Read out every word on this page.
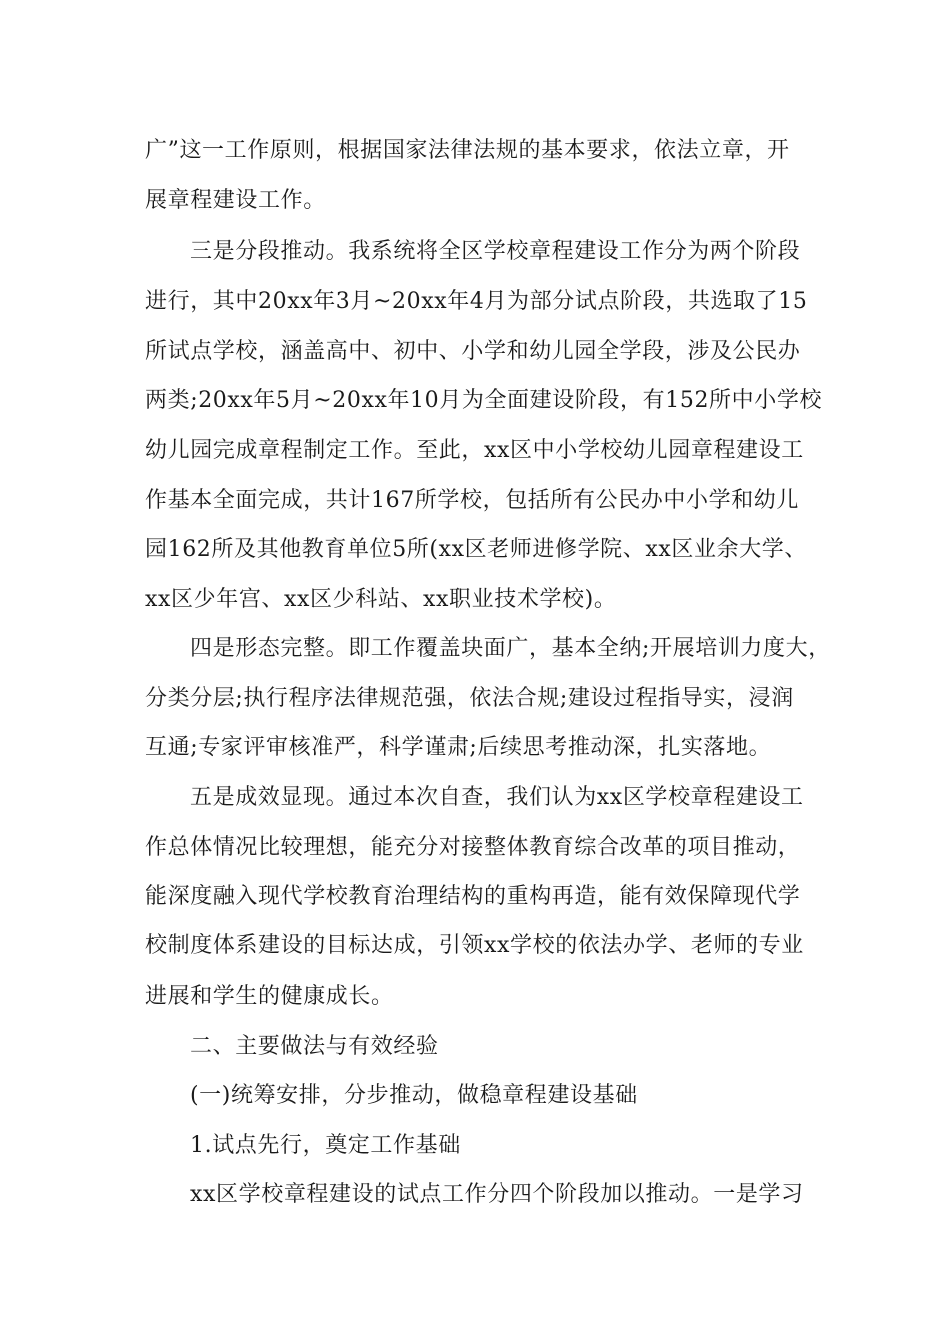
广”这一工作原则，根据国家法律法规的基本要求，依法立章，开
展章程建设工作。
三是分段推动。我系统将全区学校章程建设工作分为两个阶段
进行，其中20xx年3月~20xx年4月为部分试点阶段，共选取了15
所试点学校，涵盖高中、初中、小学和幼儿园全学段，涉及公民办
两类;20xx年5月~20xx年10月为全面建设阶段，有152所中小学校
幼儿园完成章程制定工作。至此，xx区中小学校幼儿园章程建设工
作基本全面完成，共计167所学校，包括所有公民办中小学和幼儿
园162所及其他教育单位5所(xx区老师进修学院、xx区业余大学、
xx区少年宫、xx区少科站、xx职业技术学校)。
四是形态完整。即工作覆盖块面广，基本全纳;开展培训力度大，
分类分层;执行程序法律规范强，依法合规;建设过程指导实，浸润
互通;专家评审核准严，科学谨肃;后续思考推动深，扎实落地。
五是成效显现。通过本次自查，我们认为xx区学校章程建设工
作总体情况比较理想，能充分对接整体教育综合改革的项目推动，
能深度融入现代学校教育治理结构的重构再造，能有效保障现代学
校制度体系建设的目标达成，引领xx学校的依法办学、老师的专业
进展和学生的健康成长。
二、主要做法与有效经验
(一)统筹安排，分步推动，做稳章程建设基础
1.试点先行，奠定工作基础
xx区学校章程建设的试点工作分四个阶段加以推动。一是学习
